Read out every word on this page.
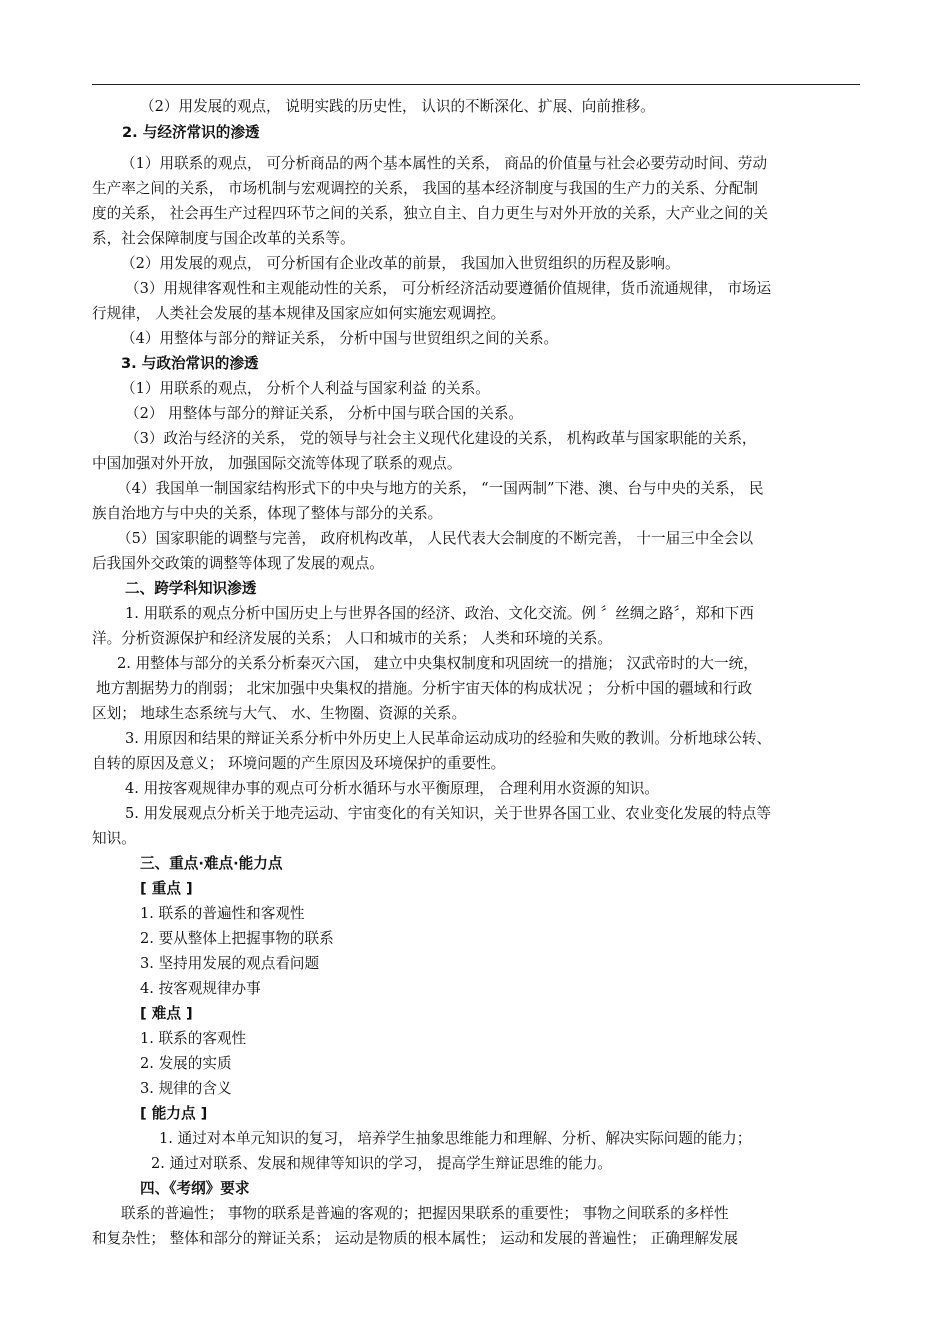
（2）用发展的观点， 说明实践的历史性， 认识的不断深化、扩展、向前推移。
2. 与经济常识的渗透
（1）用联系的观点， 可分析商品的两个基本属性的关系， 商品的价值量与社会必要劳动时间、劳动
生产率之间的关系， 市场机制与宏观调控的关系， 我国的基本经济制度与我国的生产力的关系、分配制
度的关系， 社会再生产过程四环节之间的关系，独立自主、自力更生与对外开放的关系，大产业之间的关
系，社会保障制度与国企改革的关系等。
（2）用发展的观点， 可分析国有企业改革的前景， 我国加入世贸组织的历程及影响。
（3）用规律客观性和主观能动性的关系， 可分析经济活动要遵循价值规律，货币流通规律， 市场运
行规律， 人类社会发展的基本规律及国家应如何实施宏观调控。
（4）用整体与部分的辩证关系， 分析中国与世贸组织之间的关系。
3. 与政治常识的渗透
（1）用联系的观点， 分析个人利益与国家利益 的关系。
（2） 用整体与部分的辩证关系， 分析中国与联合国的关系。
（3）政治与经济的关系， 党的领导与社会主义现代化建设的关系， 机构政革与国家职能的关系，
中国加强对外开放， 加强国际交流等体现了联系的观点。
（4）我国单一制国家结构形式下的中央与地方的关系， “一国两制”下港、澳、台与中央的关系， 民
族自治地方与中央的关系，体现了整体与部分的关系。
（5）国家职能的调整与完善， 政府机构改革， 人民代表大会制度的不断完善， 十一届三中全会以
后我国外交政策的调整等体现了发展的观点。
二、跨学科知识渗透
1. 用联系的观点分析中国历史上与世界各国的经济、政治、文化交流。例 〞丝绸之路〞，郑和下西
洋。分析资源保护和经济发展的关系； 人口和城市的关系； 人类和环境的关系。
2. 用整体与部分的关系分析秦灭六国， 建立中央集权制度和巩固统一的措施； 汉武帝时的大一统，
地方割据势力的削弱； 北宋加强中央集权的措施。分析宇宙天体的构成状况 ； 分析中国的疆域和行政
区划； 地球生态系统与大气、 水、生物圈、资源的关系。
3. 用原因和结果的辩证关系分析中外历史上人民革命运动成功的经验和失败的教训。分析地球公转、
自转的原因及意义； 环境问题的产生原因及环境保护的重要性。
4. 用按客观规律办事的观点可分析水循环与水平衡原理， 合理利用水资源的知识。
5. 用发展观点分析关于地壳运动、宇宙变化的有关知识，关于世界各国工业、农业变化发展的特点等
知识。
三、重点·难点·能力点
[ 重点 ]
1. 联系的普遍性和客观性
2. 要从整体上把握事物的联系
3. 坚持用发展的观点看问题
4. 按客观规律办事
[ 难点 ]
1. 联系的客观性
2. 发展的实质
3. 规律的含义
[ 能力点 ]
1. 通过对本单元知识的复习， 培养学生抽象思维能力和理解、分析、解决实际问题的能力；
2. 通过对联系、发展和规律等知识的学习， 提高学生辩证思维的能力。
四、《考纲》要求
联系的普遍性； 事物的联系是普遍的客观的；把握因果联系的重要性； 事物之间联系的多样性
和复杂性； 整体和部分的辩证关系； 运动是物质的根本属性； 运动和发展的普遍性； 正确理解发展
